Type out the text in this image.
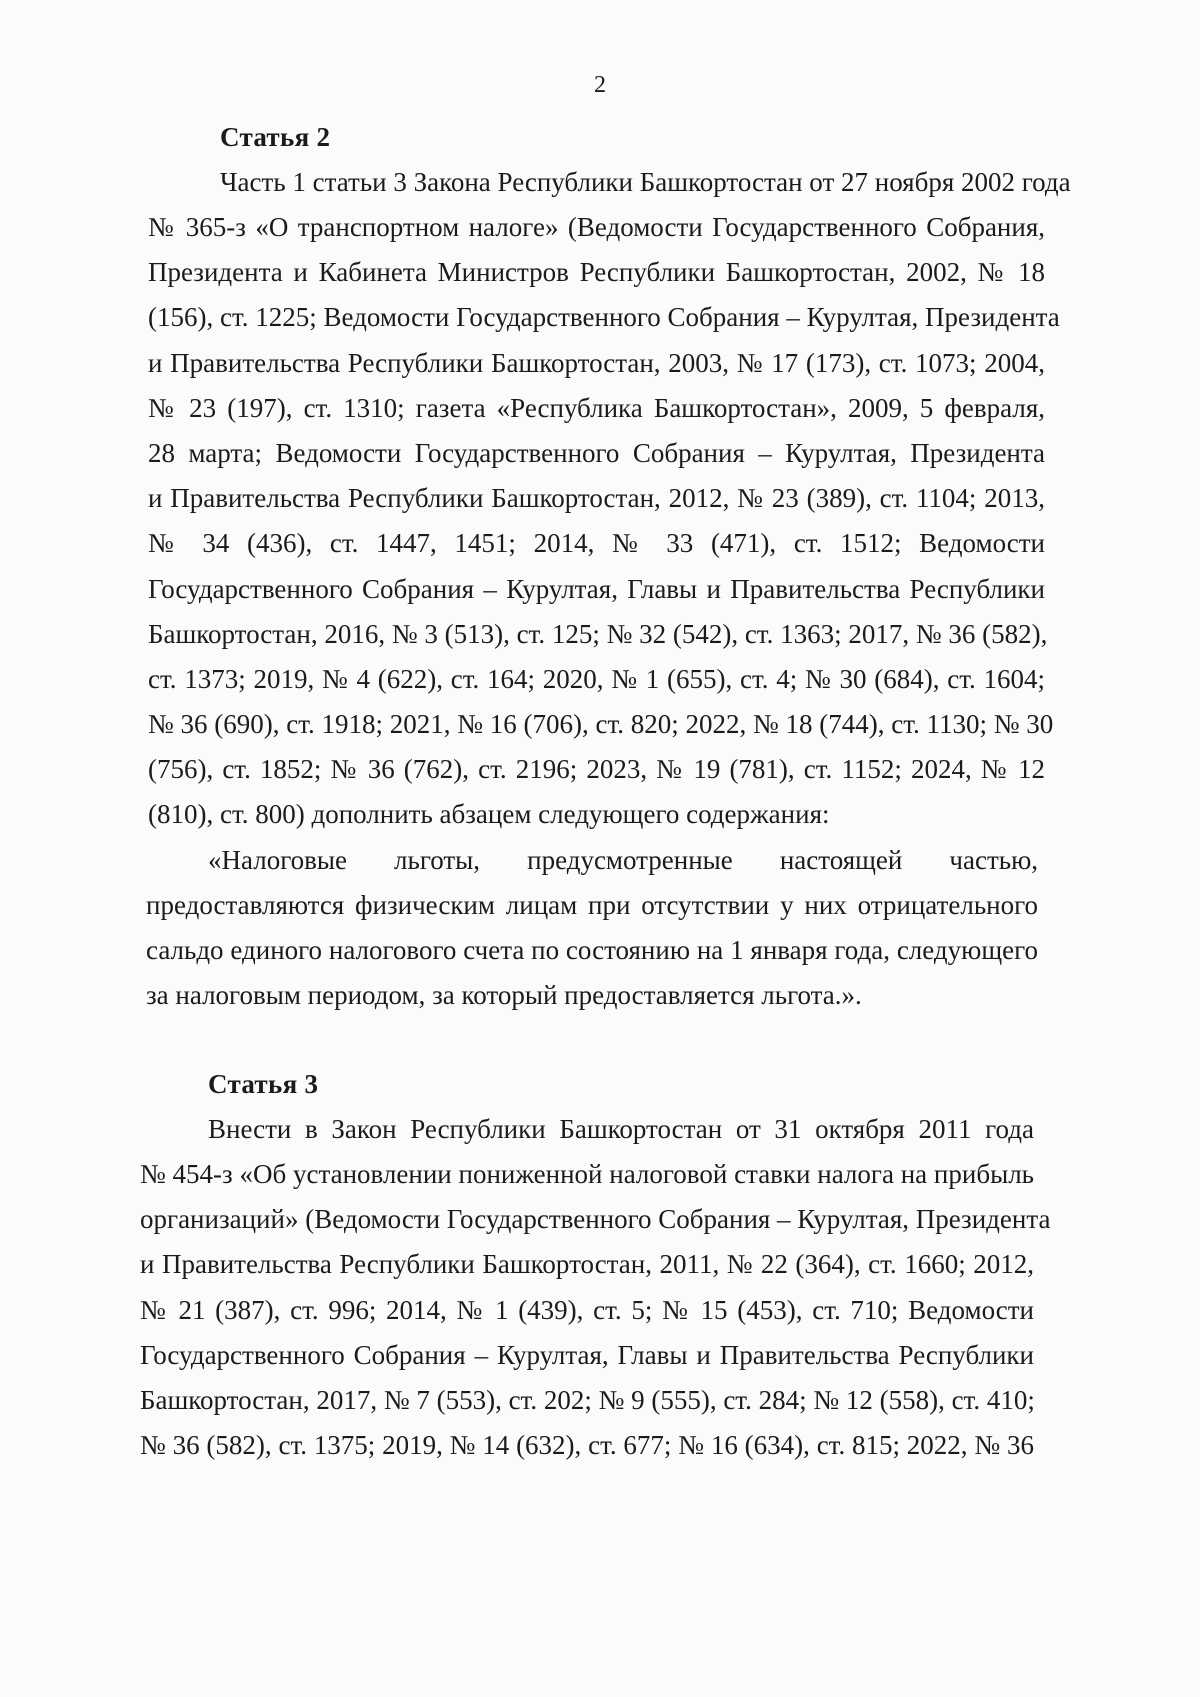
2
Статья 2
Часть 1 статьи 3 Закона Республики Башкортостан от 27 ноября 2002 года
№ 365-з «О транспортном налоге» (Ведомости Государственного Собрания,
Президента и Кабинета Министров Республики Башкортостан, 2002, № 18
(156), ст. 1225; Ведомости Государственного Собрания – Курултая, Президента
и Правительства Республики Башкортостан, 2003, № 17 (173), ст. 1073; 2004,
№ 23 (197), ст. 1310; газета «Республика Башкортостан», 2009, 5 февраля,
28 марта; Ведомости Государственного Собрания – Курултая, Президента
и Правительства Республики Башкортостан, 2012, № 23 (389), ст. 1104; 2013,
№ 34 (436), ст. 1447, 1451; 2014, № 33 (471), ст. 1512; Ведомости
Государственного Собрания – Курултая, Главы и Правительства Республики
Башкортостан, 2016, № 3 (513), ст. 125; № 32 (542), ст. 1363; 2017, № 36 (582),
ст. 1373; 2019, № 4 (622), ст. 164; 2020, № 1 (655), ст. 4; № 30 (684), ст. 1604;
№ 36 (690), ст. 1918; 2021, № 16 (706), ст. 820; 2022, № 18 (744), ст. 1130; № 30
(756), ст. 1852; № 36 (762), ст. 2196; 2023, № 19 (781), ст. 1152; 2024, № 12
(810), ст. 800) дополнить абзацем следующего содержания:
«Налоговые льготы, предусмотренные настоящей частью,
предоставляются физическим лицам при отсутствии у них отрицательного
сальдо единого налогового счета по состоянию на 1 января года, следующего
за налоговым периодом, за который предоставляется льгота.».
Статья 3
Внести в Закон Республики Башкортостан от 31 октября 2011 года
№ 454-з «Об установлении пониженной налоговой ставки налога на прибыль
организаций» (Ведомости Государственного Собрания – Курултая, Президента
и Правительства Республики Башкортостан, 2011, № 22 (364), ст. 1660; 2012,
№ 21 (387), ст. 996; 2014, № 1 (439), ст. 5; № 15 (453), ст. 710; Ведомости
Государственного Собрания – Курултая, Главы и Правительства Республики
Башкортостан, 2017, № 7 (553), ст. 202; № 9 (555), ст. 284; № 12 (558), ст. 410;
№ 36 (582), ст. 1375; 2019, № 14 (632), ст. 677; № 16 (634), ст. 815; 2022, № 36
